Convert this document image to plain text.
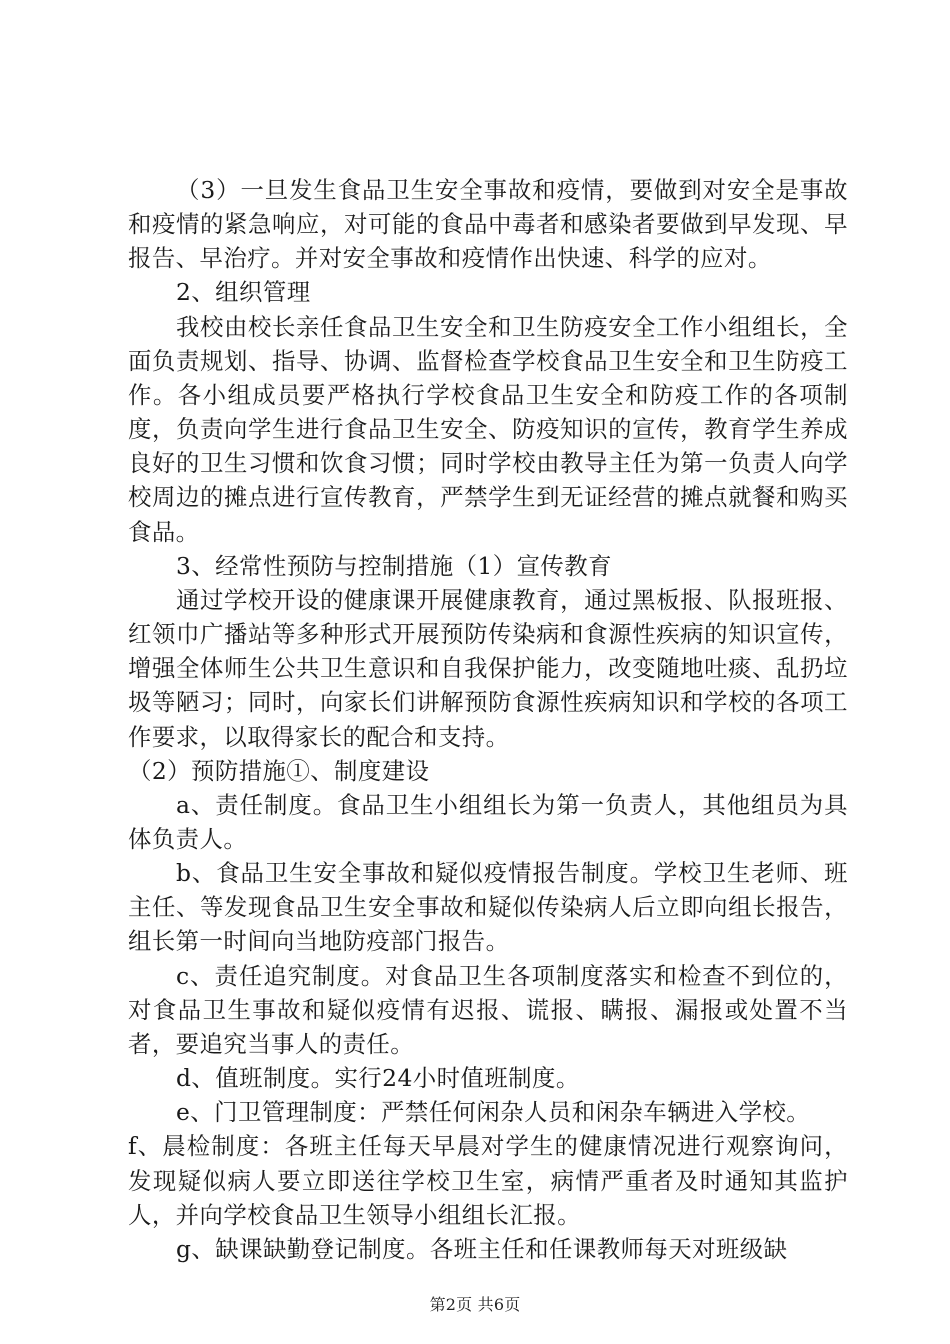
（3）一旦发生食品卫生安全事故和疫情，要做到对安全是事故和疫情的紧急响应，对可能的食品中毒者和感染者要做到早发现、早报告、早治疗。并对安全事故和疫情作出快速、科学的应对。

2、组织管理

我校由校长亲任食品卫生安全和卫生防疫安全工作小组组长，全面负责规划、指导、协调、监督检查学校食品卫生安全和卫生防疫工作。各小组成员要严格执行学校食品卫生安全和防疫工作的各项制度，负责向学生进行食品卫生安全、防疫知识的宣传，教育学生养成良好的卫生习惯和饮食习惯；同时学校由教导主任为第一负责人向学校周边的摊点进行宣传教育，严禁学生到无证经营的摊点就餐和购买食品。

3、经常性预防与控制措施（1）宣传教育

通过学校开设的健康课开展健康教育，通过黑板报、队报班报、红领巾广播站等多种形式开展预防传染病和食源性疾病的知识宣传，增强全体师生公共卫生意识和自我保护能力，改变随地吐痰、乱扔垃圾等陋习；同时，向家长们讲解预防食源性疾病知识和学校的各项工作要求，以取得家长的配合和支持。

（2）预防措施①、制度建设

a、责任制度。食品卫生小组组长为第一负责人，其他组员为具体负责人。

b、食品卫生安全事故和疑似疫情报告制度。学校卫生老师、班主任、等发现食品卫生安全事故和疑似传染病人后立即向组长报告，组长第一时间向当地防疫部门报告。

c、责任追究制度。对食品卫生各项制度落实和检查不到位的，对食品卫生事故和疑似疫情有迟报、谎报、瞒报、漏报或处置不当者，要追究当事人的责任。

d、值班制度。实行24小时值班制度。

e、门卫管理制度：严禁任何闲杂人员和闲杂车辆进入学校。

f、晨检制度：各班主任每天早晨对学生的健康情况进行观察询问，发现疑似病人要立即送往学校卫生室，病情严重者及时通知其监护人，并向学校食品卫生领导小组组长汇报。

g、缺课缺勤登记制度。各班主任和任课教师每天对班级缺

第2页 共6页
